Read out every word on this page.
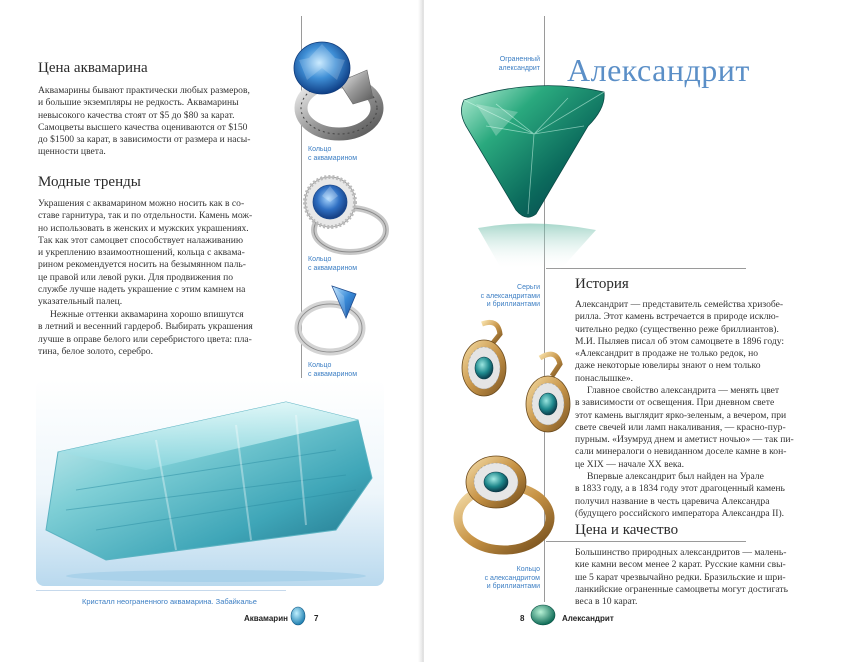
Цена аквамарина

Аквамарины бывают практически любых размеров,
и большие экземпляры не редкость. Аквамарины
невысокого качества стоят от $5 до $80 за карат.
Самоцветы высшего качества оцениваются от $150
до $1500 за карат, в зависимости от размера и насы-
щенности цвета.

Модные тренды

Украшения с аквамарином можно носить как в со-
ставе гарнитура, так и по отдельности. Камень мож-
но использовать в женских и мужских украшениях.
Так как этот самоцвет способствует налаживанию
и укреплению взаимоотношений, кольца с аквама-
рином рекомендуется носить на безымянном паль-
це правой или левой руки. Для продвижения по
службе лучше надеть украшение с этим камнем на
указательный палец.

Нежные оттенки аквамарина хорошо впишутся
в летний и весенний гардероб. Выбирать украшения
лучше в оправе белого или серебристого цвета: пла-
тина, белое золото, серебро.

Кольцо
с аквамарином
Кольцо
с аквамарином
Кольцо
с аквамарином
Кристалл неограненного аквамарина. Забайкалье
Аквамарин	7
Ограненный
александрит Александрит
Серьги
с александритами
и бриллиантами
Кольцо
с александритом
и бриллиантами
История

Александрит — представитель семейства хризобе-
рилла. Этот камень встречается в природе исклю-
чительно редко (существенно реже бриллиантов).
М.И. Пыляев писал об этом самоцвете в 1896 году:
«Александрит в продаже не только редок, но
даже некоторые ювелиры знают о нем только
понаслышке».

Главное свойство александрита — менять цвет
в зависимости от освещения. При дневном свете
этот камень выглядит ярко-зеленым, а вечером, при
свете свечей или ламп накаливания, — красно-пур-
пурным. «Изумруд днем и аметист ночью» — так пи-
сали минералоги о невиданном доселе камне в кон-
це XIX — начале XX века.

Впервые александрит был найден на Урале
в 1833 году, а в 1834 году этот драгоценный камень
получил название в честь царевича Александра
(будущего российского императора Александра II).

Цена и качество

Большинство природных александритов — малень-
кие камни весом менее 2 карат. Русские камни свы-
ше 5 карат чрезвычайно редки. Бразильские и шри-
ланкийские ограненные самоцветы могут достигать
веса в 10 карат.

8	Александрит
